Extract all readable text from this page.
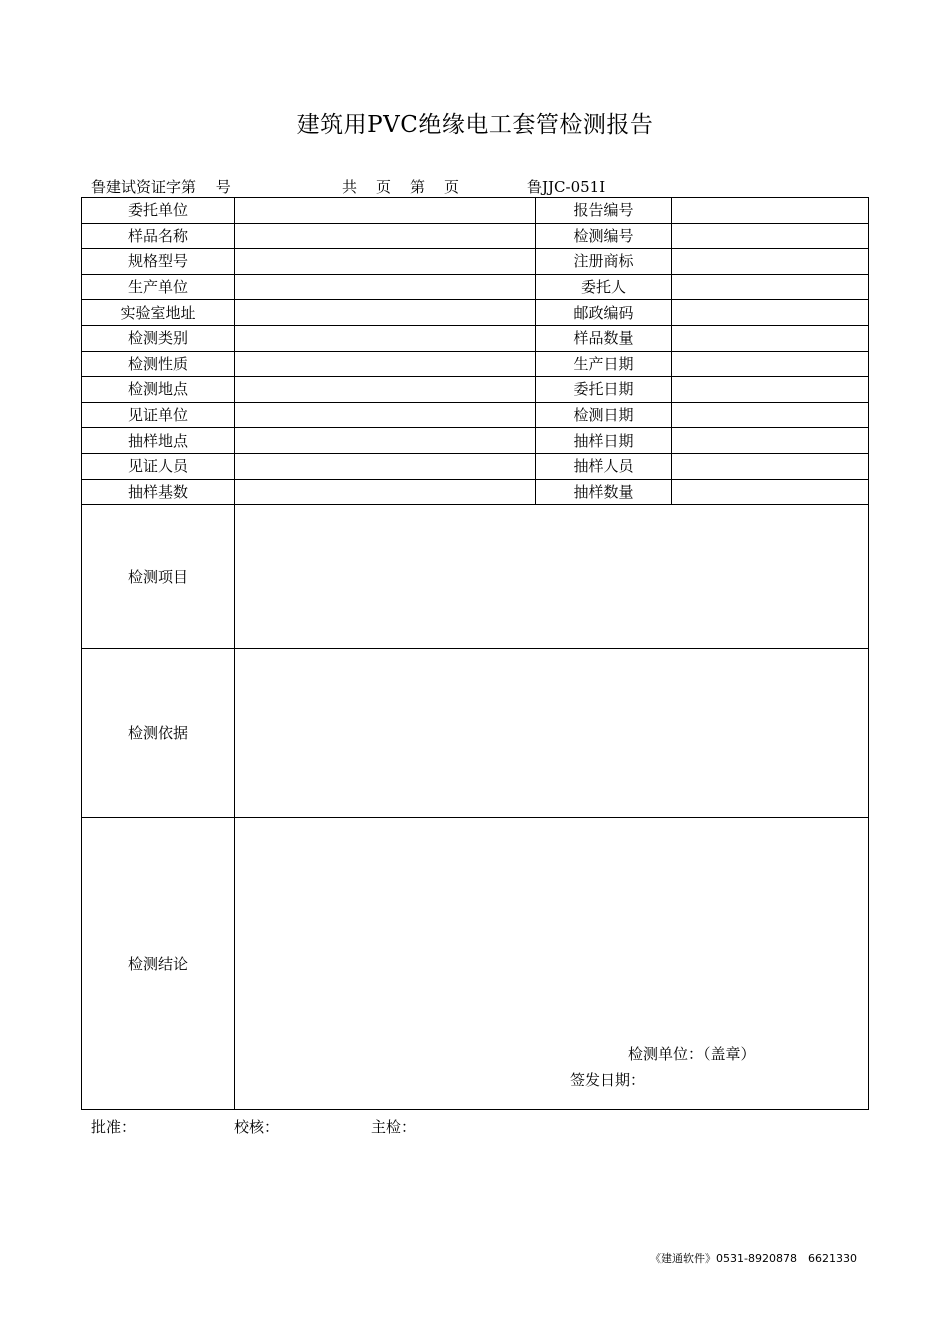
建筑用PVC绝缘电工套管检测报告
鲁建试资证字第　 号	共　页　第　页	鲁JJC-051Ⅰ
委托单位		报告编号	
样品名称		检测编号	
规格型号		注册商标	
生产单位		委托人	
实验室地址		邮政编码	
检测类别		样品数量	
检测性质		生产日期	
检测地点		委托日期	
见证单位		检测日期	
抽样地点		抽样日期	
见证人员		抽样人员	
抽样基数		抽样数量	
检测项目			
检测依据			
检测结论	检测单位：（盖章）
签发日期：		
批准：	校核：	主检：
《建通软件》0531-8920878　6621330
